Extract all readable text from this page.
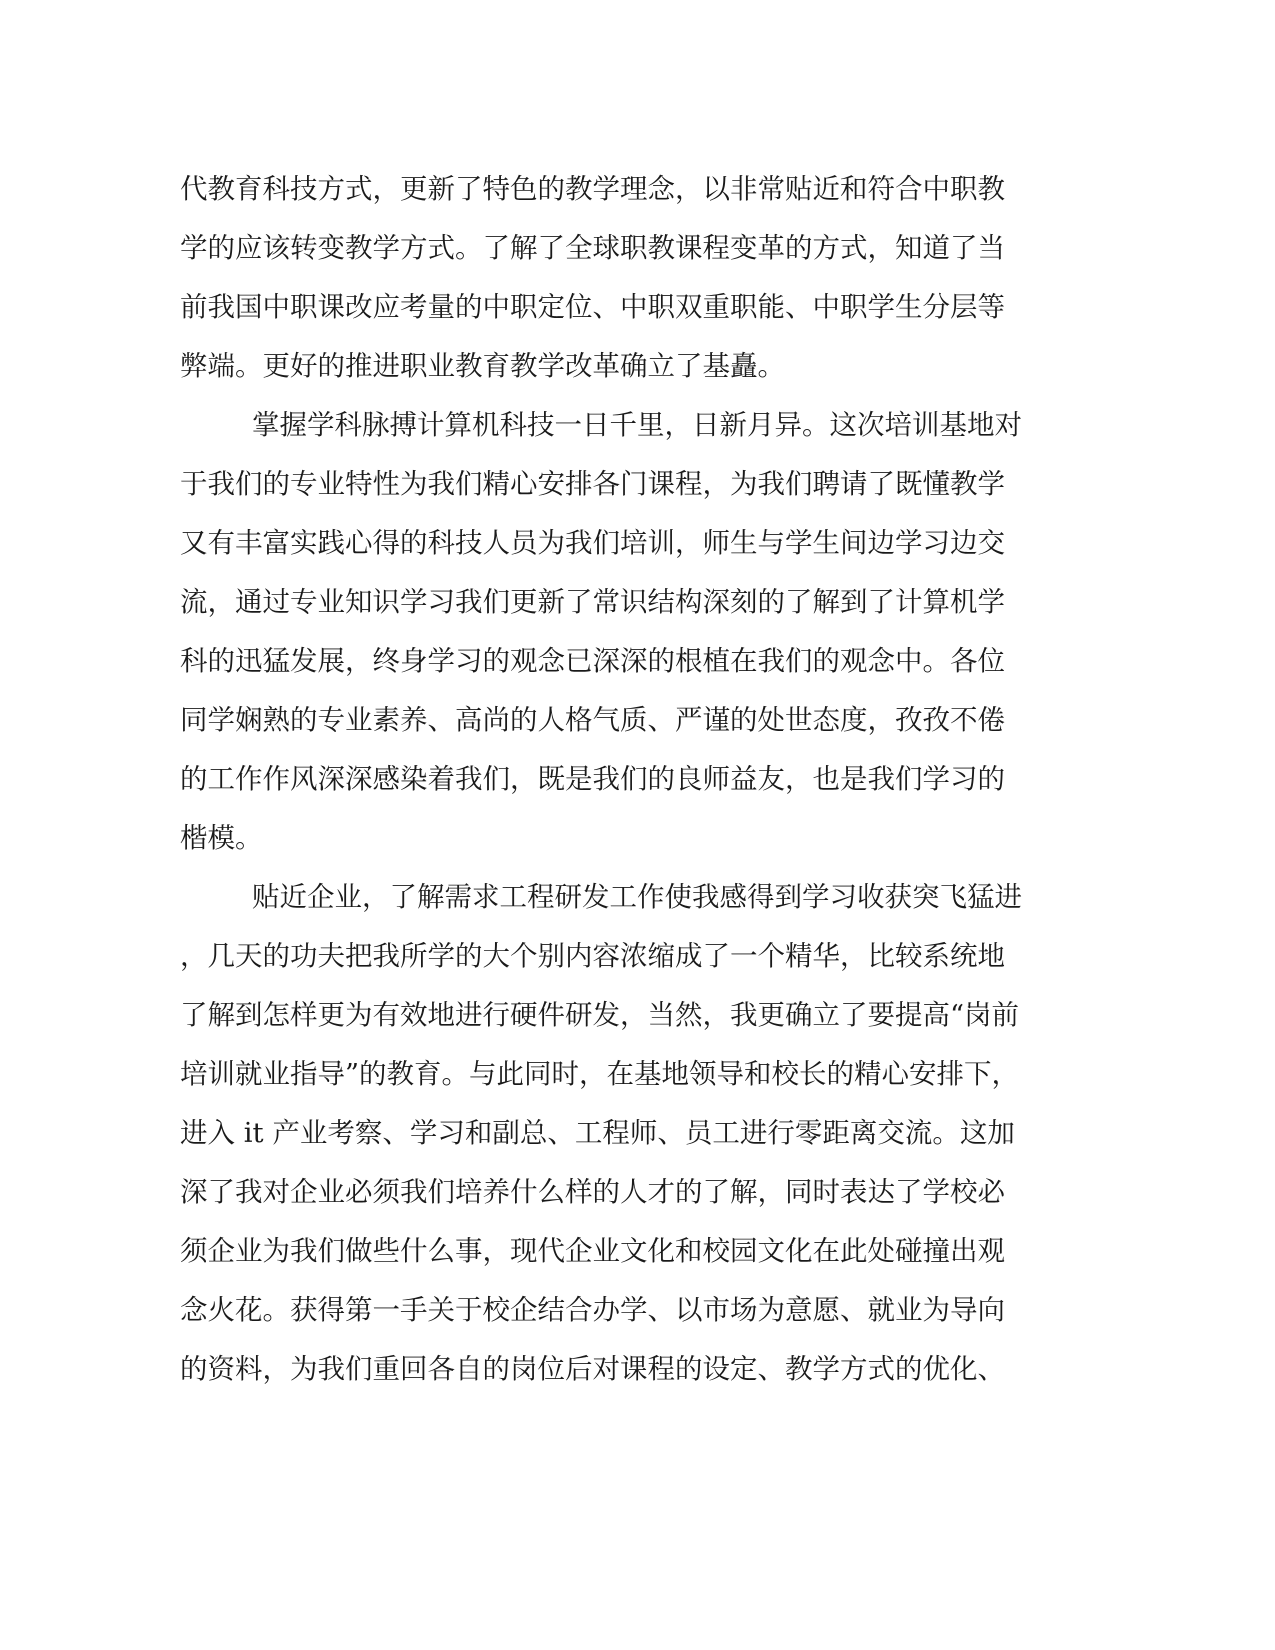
代教育科技方式，更新了特色的教学理念，以非常贴近和符合中职教
学的应该转变教学方式。了解了全球职教课程变革的方式，知道了当
前我国中职课改应考量的中职定位、中职双重职能、中职学生分层等
弊端。更好的推进职业教育教学改革确立了基矗。
掌握学科脉搏计算机科技一日千里，日新月异。这次培训基地对
于我们的专业特性为我们精心安排各门课程，为我们聘请了既懂教学
又有丰富实践心得的科技人员为我们培训，师生与学生间边学习边交
流，通过专业知识学习我们更新了常识结构深刻的了解到了计算机学
科的迅猛发展，终身学习的观念已深深的根植在我们的观念中。各位
同学娴熟的专业素养、高尚的人格气质、严谨的处世态度，孜孜不倦
的工作作风深深感染着我们，既是我们的良师益友，也是我们学习的
楷模。
贴近企业，了解需求工程研发工作使我感得到学习收获突飞猛进
，几天的功夫把我所学的大个别内容浓缩成了一个精华，比较系统地
了解到怎样更为有效地进行硬件研发，当然，我更确立了要提高“岗前
培训就业指导”的教育。与此同时，在基地领导和校长的精心安排下，
进入 it 产业考察、学习和副总、工程师、员工进行零距离交流。这加
深了我对企业必须我们培养什么样的人才的了解，同时表达了学校必
须企业为我们做些什么事，现代企业文化和校园文化在此处碰撞出观
念火花。获得第一手关于校企结合办学、以市场为意愿、就业为导向
的资料，为我们重回各自的岗位后对课程的设定、教学方式的优化、
